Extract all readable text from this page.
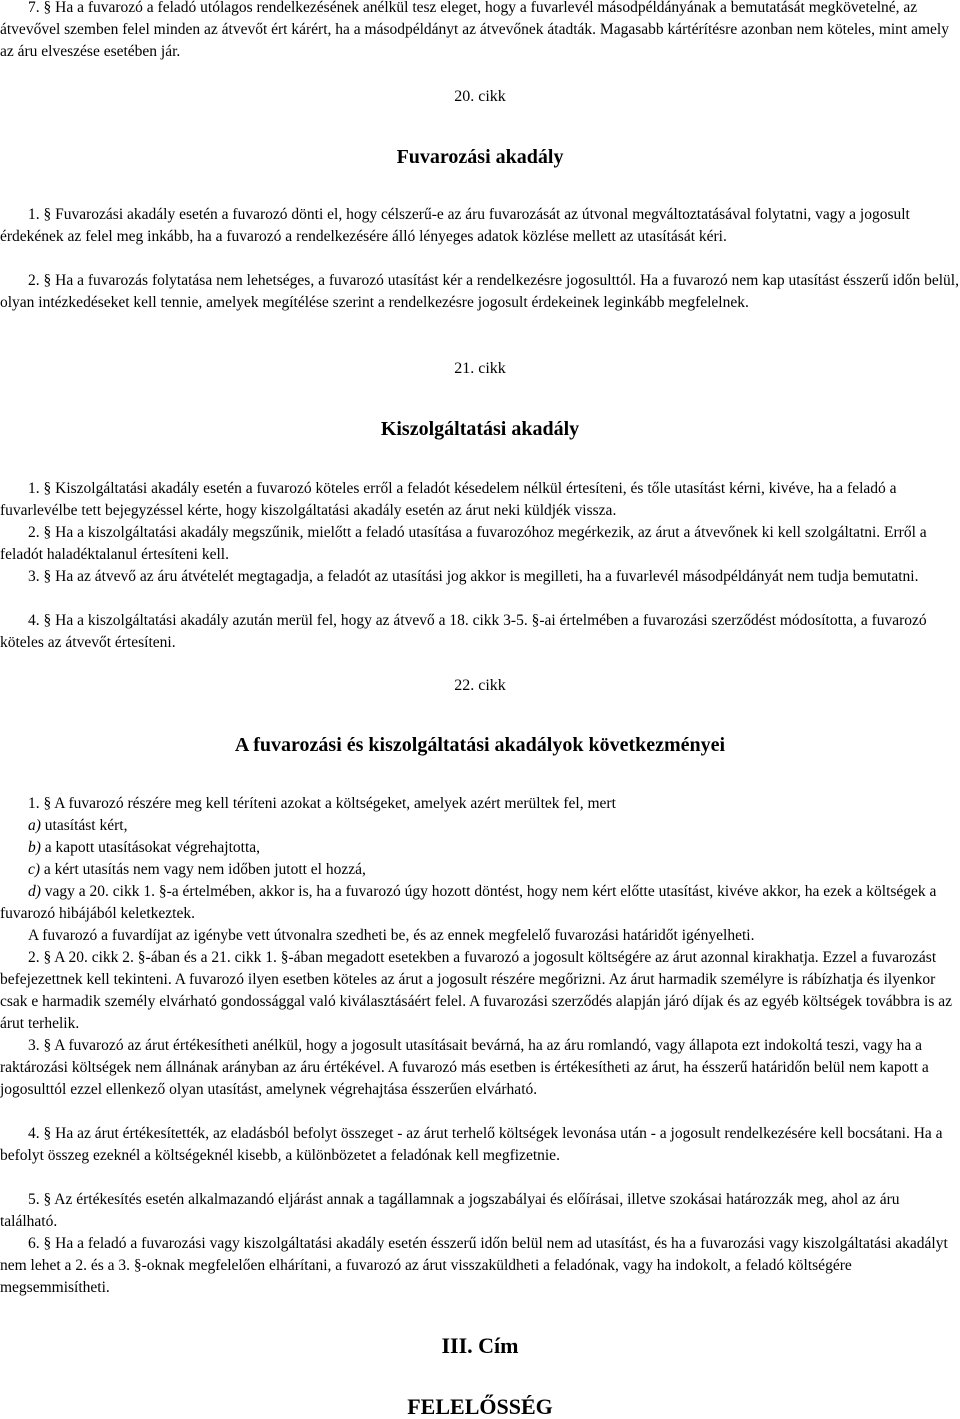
7. § Ha a fuvarozó a feladó utólagos rendelkezésének anélkül tesz eleget, hogy a fuvarlevél másodpéldányának a bemutatását megkövetelné, az átvevővel szemben felel minden az átvevőt ért kárért, ha a másodpéldányt az átvevőnek átadták. Magasabb kártérítésre azonban nem köteles, mint amely az áru elveszése esetében jár.

20. cikk

Fuvarozási akadály

1. § Fuvarozási akadály esetén a fuvarozó dönti el, hogy célszerű-e az áru fuvarozását az útvonal megváltoztatásával folytatni, vagy a jogosult érdekének az felel meg inkább, ha a fuvarozó a rendelkezésére álló lényeges adatok közlése mellett az utasítását kéri.

2. § Ha a fuvarozás folytatása nem lehetséges, a fuvarozó utasítást kér a rendelkezésre jogosulttól. Ha a fuvarozó nem kap utasítást ésszerű időn belül, olyan intézkedéseket kell tennie, amelyek megítélése szerint a rendelkezésre jogosult érdekeinek leginkább megfelelnek.

21. cikk

Kiszolgáltatási akadály

1. § Kiszolgáltatási akadály esetén a fuvarozó köteles erről a feladót késedelem nélkül értesíteni, és tőle utasítást kérni, kivéve, ha a feladó a fuvarlevélbe tett bejegyzéssel kérte, hogy kiszolgáltatási akadály esetén az árut neki küldjék vissza.

2. § Ha a kiszolgáltatási akadály megszűnik, mielőtt a feladó utasítása a fuvarozóhoz megérkezik, az árut a átvevőnek ki kell szolgáltatni. Erről a feladót haladéktalanul értesíteni kell.

3. § Ha az átvevő az áru átvételét megtagadja, a feladót az utasítási jog akkor is megilleti, ha a fuvarlevél másodpéldányát nem tudja bemutatni.

4. § Ha a kiszolgáltatási akadály azután merül fel, hogy az átvevő a 18. cikk 3-5. §-ai értelmében a fuvarozási szerződést módosította, a fuvarozó köteles az átvevőt értesíteni.

22. cikk

A fuvarozási és kiszolgáltatási akadályok következményei

1. § A fuvarozó részére meg kell téríteni azokat a költségeket, amelyek azért merültek fel, mert

a) utasítást kért,

b) a kapott utasításokat végrehajtotta,

c) a kért utasítás nem vagy nem időben jutott el hozzá,

d) vagy a 20. cikk 1. §-a értelmében, akkor is, ha a fuvarozó úgy hozott döntést, hogy nem kért előtte utasítást, kivéve akkor, ha ezek a költségek a fuvarozó hibájából keletkeztek.

A fuvarozó a fuvardíjat az igénybe vett útvonalra szedheti be, és az ennek megfelelő fuvarozási határidőt igényelheti.

2. § A 20. cikk 2. §-ában és a 21. cikk 1. §-ában megadott esetekben a fuvarozó a jogosult költségére az árut azonnal kirakhatja. Ezzel a fuvarozást befejezettnek kell tekinteni. A fuvarozó ilyen esetben köteles az árut a jogosult részére megőrizni. Az árut harmadik személyre is rábízhatja és ilyenkor csak e harmadik személy elvárható gondossággal való kiválasztásáért felel. A fuvarozási szerződés alapján járó díjak és az egyéb költségek továbbra is az árut terhelik.

3. § A fuvarozó az árut értékesítheti anélkül, hogy a jogosult utasításait bevárná, ha az áru romlandó, vagy állapota ezt indokoltá teszi, vagy ha a raktározási költségek nem állnának arányban az áru értékével. A fuvarozó más esetben is értékesítheti az árut, ha ésszerű határidőn belül nem kapott a jogosulttól ezzel ellenkező olyan utasítást, amelynek végrehajtása ésszerűen elvárható.

4. § Ha az árut értékesítették, az eladásból befolyt összeget - az árut terhelő költségek levonása után - a jogosult rendelkezésére kell bocsátani. Ha a befolyt összeg ezeknél a költségeknél kisebb, a különbözetet a feladónak kell megfizetnie.

5. § Az értékesítés esetén alkalmazandó eljárást annak a tagállamnak a jogszabályai és előírásai, illetve szokásai határozzák meg, ahol az áru található.

6. § Ha a feladó a fuvarozási vagy kiszolgáltatási akadály esetén ésszerű időn belül nem ad utasítást, és ha a fuvarozási vagy kiszolgáltatási akadályt nem lehet a 2. és a 3. §-oknak megfelelően elhárítani, a fuvarozó az árut visszaküldheti a feladónak, vagy ha indokolt, a feladó költségére megsemmisítheti.

III. Cím

FELELŐSSÉG
